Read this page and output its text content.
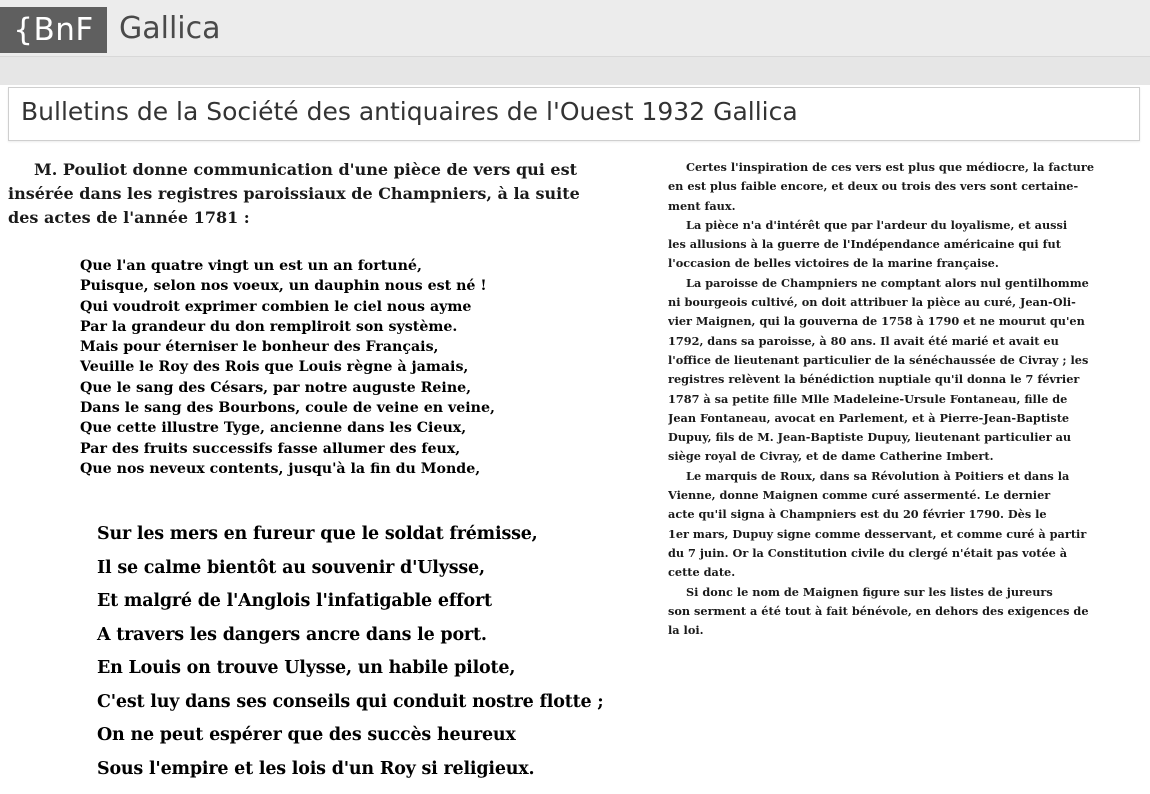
{BnF Gallica
Bulletins de la Société des antiquaires de l'Ouest 1932 Gallica
M. Pouliot donne communication d'une pièce de vers qui est
insérée dans les registres paroissiaux de Champniers, à la suite
des actes de l'année 1781 :
Que l'an quatre vingt un est un an fortuné,
Puisque, selon nos voeux, un dauphin nous est né !
Qui voudroit exprimer combien le ciel nous ayme
Par la grandeur du don rempliroit son système.
Mais pour éterniser le bonheur des Français,
Veuille le Roy des Rois que Louis règne à jamais,
Que le sang des Césars, par notre auguste Reine,
Dans le sang des Bourbons, coule de veine en veine,
Que cette illustre Tyge, ancienne dans les Cieux,
Par des fruits successifs fasse allumer des feux,
Que nos neveux contents, jusqu'à la fin du Monde,
Sur les mers en fureur que le soldat frémisse,
Il se calme bientôt au souvenir d'Ulysse,
Et malgré de l'Anglois l'infatigable effort
A travers les dangers ancre dans le port.
En Louis on trouve Ulysse, un habile pilote,
C'est luy dans ses conseils qui conduit nostre flotte ;
On ne peut espérer que des succès heureux
Sous l'empire et les lois d'un Roy si religieux.
Certes l'inspiration de ces vers est plus que médiocre, la facture
en est plus faible encore, et deux ou trois des vers sont certaine-
ment faux.
La pièce n'a d'intérêt que par l'ardeur du loyalisme, et aussi
les allusions à la guerre de l'Indépendance américaine qui fut
l'occasion de belles victoires de la marine française.
La paroisse de Champniers ne comptant alors nul gentilhomme
ni bourgeois cultivé, on doit attribuer la pièce au curé, Jean-Oli-
vier Maignen, qui la gouverna de 1758 à 1790 et ne mourut qu'en
1792, dans sa paroisse, à 80 ans. Il avait été marié et avait eu
l'office de lieutenant particulier de la sénéchaussée de Civray ; les
registres relèvent la bénédiction nuptiale qu'il donna le 7 février
1787 à sa petite fille Mlle Madeleine-Ursule Fontaneau, fille de
Jean Fontaneau, avocat en Parlement, et à Pierre-Jean-Baptiste
Dupuy, fils de M. Jean-Baptiste Dupuy, lieutenant particulier au
siège royal de Civray, et de dame Catherine Imbert.
Le marquis de Roux, dans sa Révolution à Poitiers et dans la
Vienne, donne Maignen comme curé assermenté. Le dernier
acte qu'il signa à Champniers est du 20 février 1790. Dès le
1er mars, Dupuy signe comme desservant, et comme curé à partir
du 7 juin. Or la Constitution civile du clergé n'était pas votée à
cette date.
Si donc le nom de Maignen figure sur les listes de jureurs
son serment a été tout à fait bénévole, en dehors des exigences de
la loi.
